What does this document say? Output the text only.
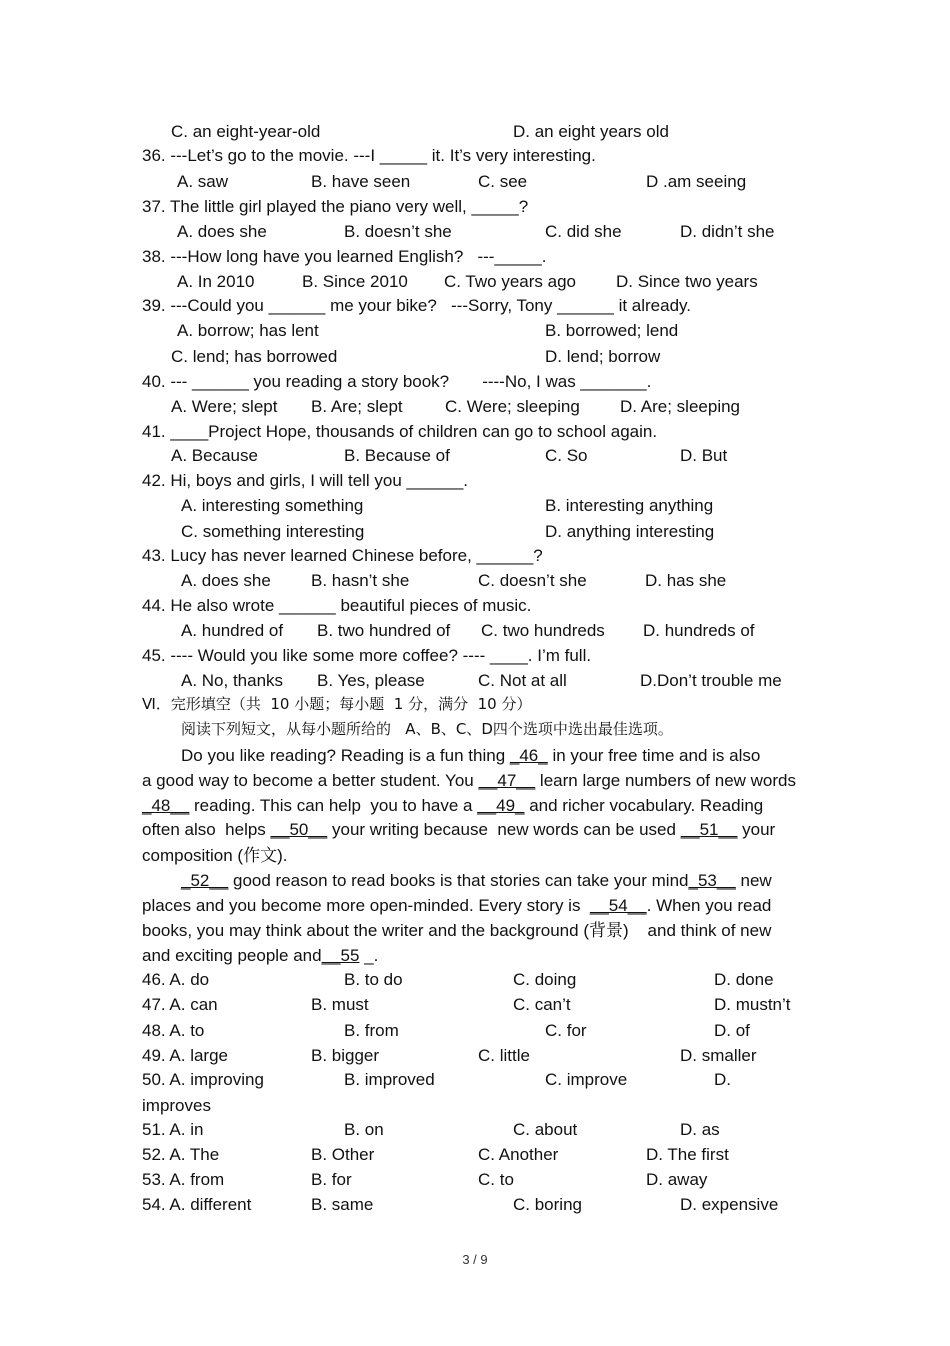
C. an eight-year-old	D. an eight years old
36. ---Let’s go to the movie. ---I _____ it. It’s very interesting.
A. saw	B. have seen	C. see	D .am seeing
37. The little girl played the piano very well, _____?
A. does she	B. doesn’t she	C. did she	D. didn’t she
38. ---How long have you learned English?   ---_____.
A. In 2010	B. Since 2010 C. Two years ago D. Since two years
39. ---Could you ______ me your bike?   ---Sorry, Tony ______ it already.
A. borrow; has lent	B. borrowed; lend
C. lend; has borrowed	D. lend; borrow
40. --- ______ you reading a story book?       ----No, I was _______.
A. Were; slept B. Are; slept C. Were; sleeping D. Are; sleeping
41. ____Project Hope, thousands of children can go to school again.
A. Because	B. Because of	C. So	D. But
42. Hi, boys and girls, I will tell you ______.
A. interesting something	B. interesting anything
C. something interesting	D. anything interesting
43. Lucy has never learned Chinese before, ______?
A. does she B. hasn’t she	C. doesn’t she	D. has she
44. He also wrote ______ beautiful pieces of music.
A. hundred of B. two hundred of C. two hundreds D. hundreds of
45. ---- Would you like some more coffee? ---- ____. I’m full.
A. No, thanks B. Yes, please	C. Not at all	D.Don’t trouble me
Ⅵ．完形填空（共  10 小题；每小题  1 分，满分  10 分）
阅读下列短文，从每小题所给的   A、B、C、D四个选项中选出最佳选项。
Do you like reading? Reading is a fun thing _46_ in your free time and is also
a good way to become a better student. You __47__ learn large numbers of new words
_48__ reading. This can help  you to have a __49_ and richer vocabulary. Reading
often also  helps __50__ your writing because  new words can be used __51__ your
composition (作文).
_52__ good reason to read books is that stories can take your mind_53__ new
places and you become more open-minded. Every story is  __54__. When you read
books, you may think about the writer and the background (背景)    and think of new
and exciting people and__55 _.
46. A. do	B. to do	C. doing	D. done
47. A. can	B. must	C. can’t	D. mustn’t
48. A. to	B. from	C. for	D. of
49. A. large	B. bigger	C. little	D. smaller
50. A. improving	B. improved	C. improve	D.
improves
51. A. in	B. on	C. about	D. as
52. A. The	B. Other	C. Another	D. The first
53. A. from	B. for	C. to	D. away
54. A. different	B. same	C. boring	D. expensive
3 / 9
